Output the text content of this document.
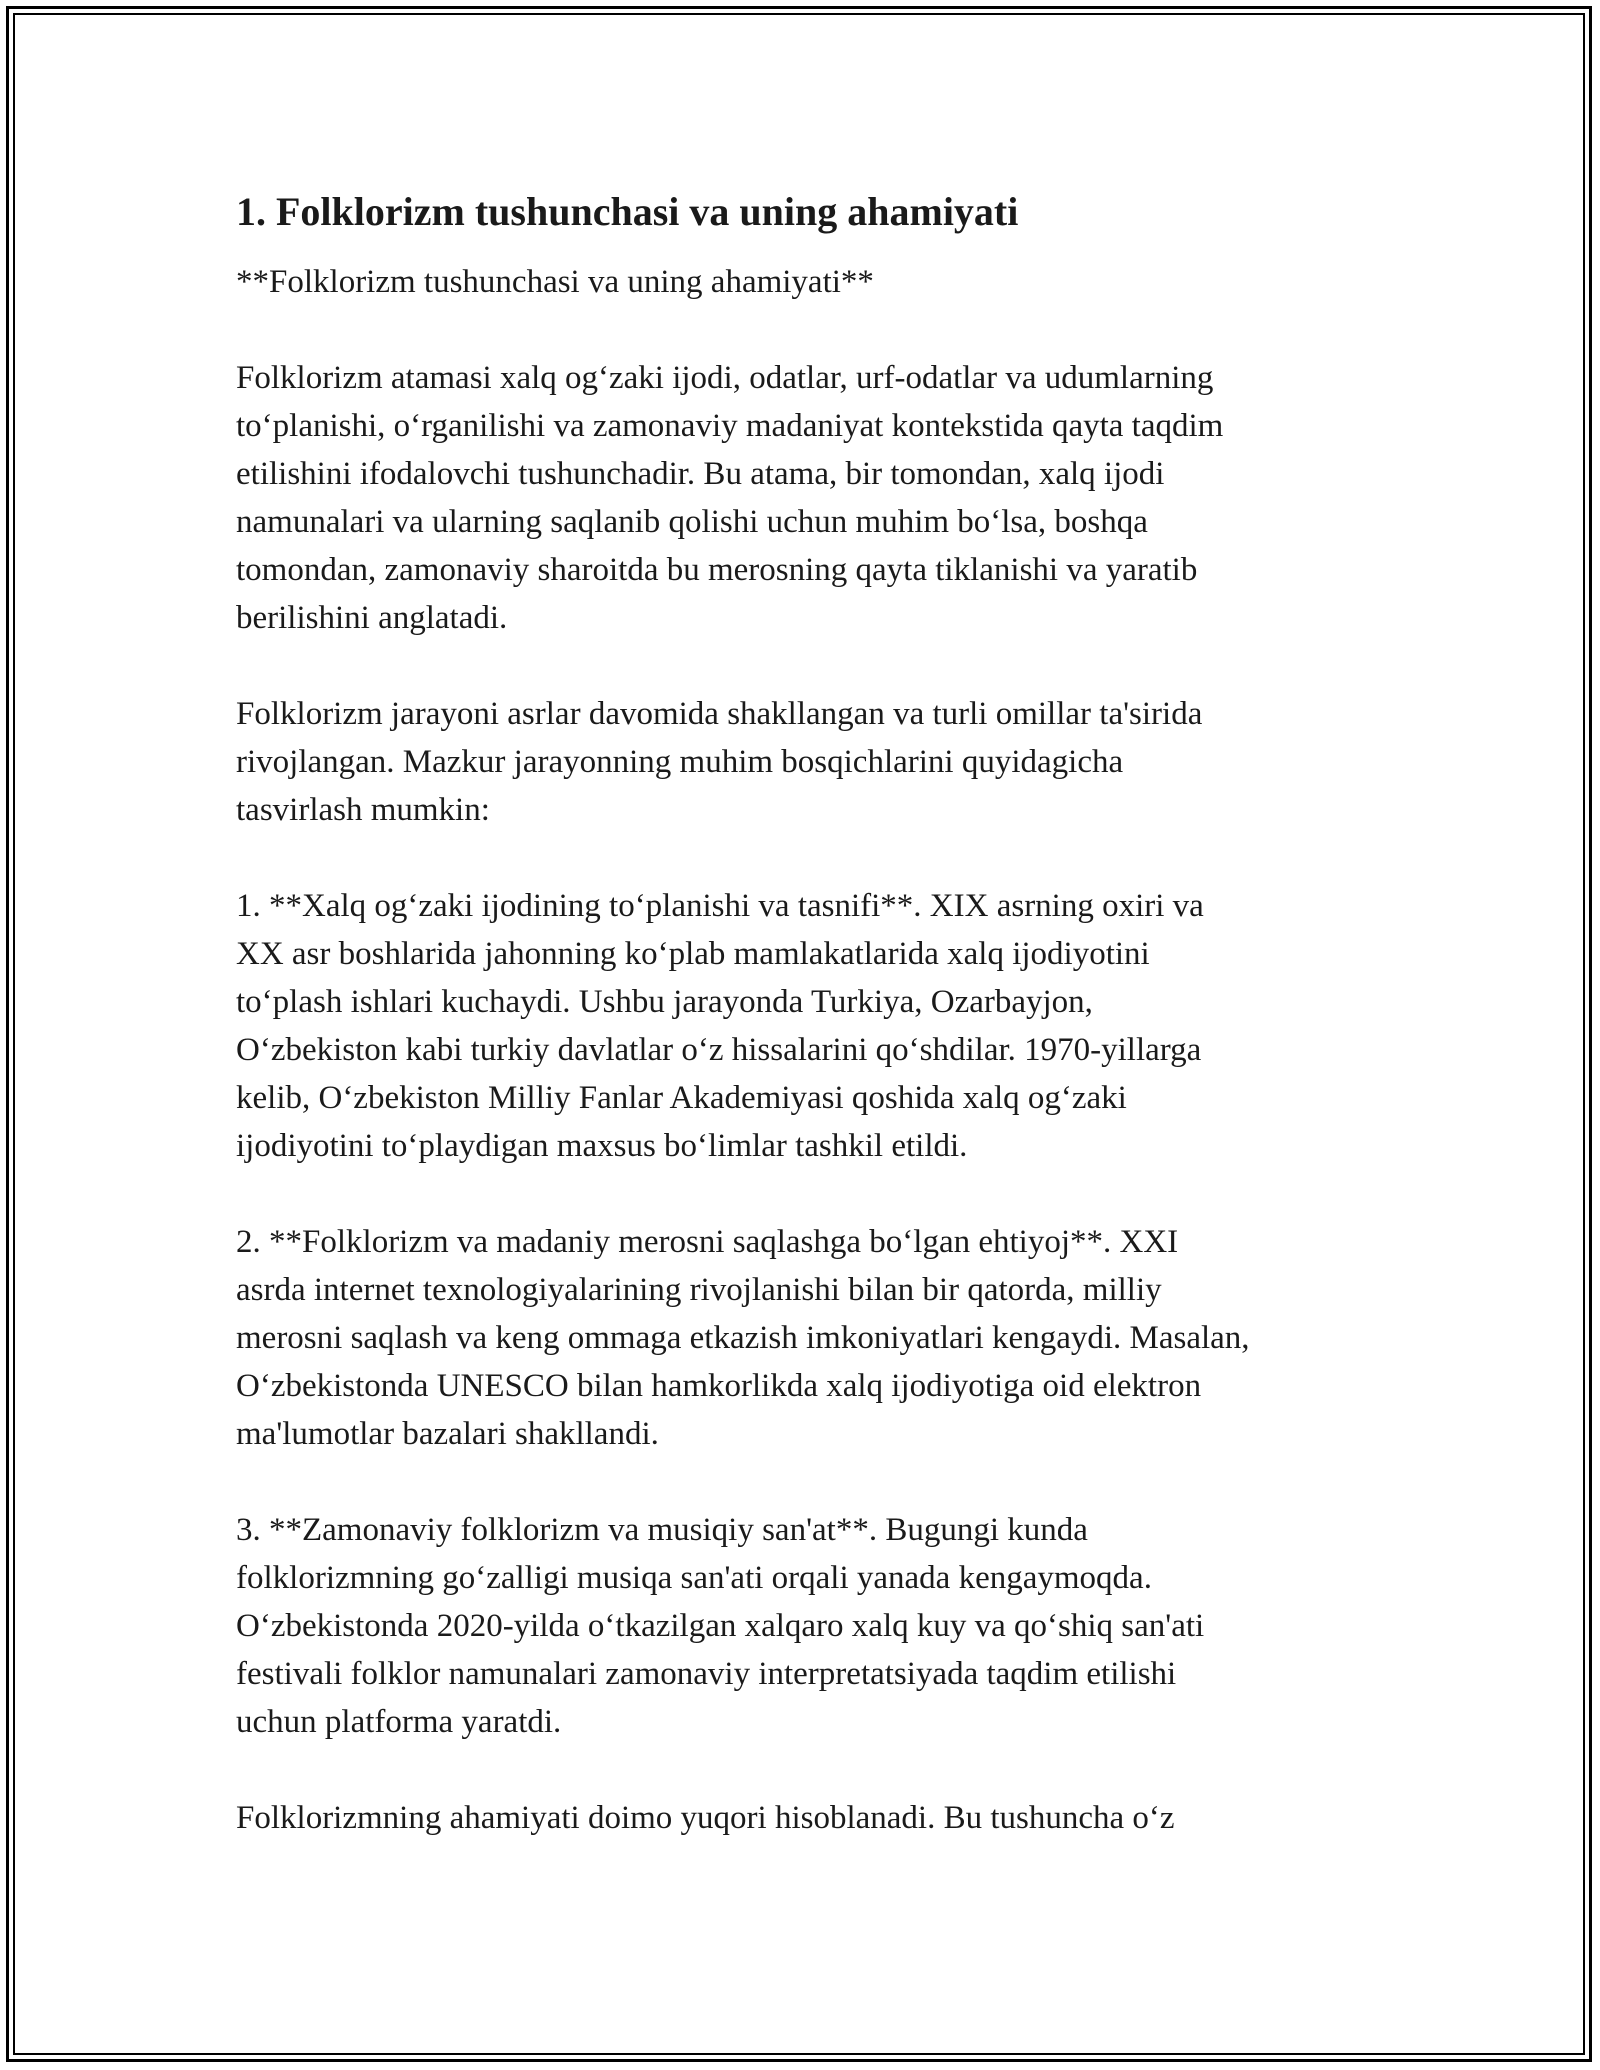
1. Folklorizm tushunchasi va uning ahamiyati

**Folklorizm tushunchasi va uning ahamiyati**

Folklorizm atamasi xalq og‘zaki ijodi, odatlar, urf-odatlar va udumlarning
to‘planishi, o‘rganilishi va zamonaviy madaniyat kontekstida qayta taqdim
etilishini ifodalovchi tushunchadir. Bu atama, bir tomondan, xalq ijodi
namunalari va ularning saqlanib qolishi uchun muhim bo‘lsa, boshqa
tomondan, zamonaviy sharoitda bu merosning qayta tiklanishi va yaratib
berilishini anglatadi.

Folklorizm jarayoni asrlar davomida shakllangan va turli omillar ta'sirida
rivojlangan. Mazkur jarayonning muhim bosqichlarini quyidagicha
tasvirlash mumkin:

1. **Xalq og‘zaki ijodining to‘planishi va tasnifi**. XIX asrning oxiri va
XX asr boshlarida jahonning ko‘plab mamlakatlarida xalq ijodiyotini
to‘plash ishlari kuchaydi. Ushbu jarayonda Turkiya, Ozarbayjon,
O‘zbekiston kabi turkiy davlatlar o‘z hissalarini qo‘shdilar. 1970-yillarga
kelib, O‘zbekiston Milliy Fanlar Akademiyasi qoshida xalq og‘zaki
ijodiyotini to‘playdigan maxsus bo‘limlar tashkil etildi.

2. **Folklorizm va madaniy merosni saqlashga bo‘lgan ehtiyoj**. XXI
asrda internet texnologiyalarining rivojlanishi bilan bir qatorda, milliy
merosni saqlash va keng ommaga etkazish imkoniyatlari kengaydi. Masalan,
O‘zbekistonda UNESCO bilan hamkorlikda xalq ijodiyotiga oid elektron
ma'lumotlar bazalari shakllandi.

3. **Zamonaviy folklorizm va musiqiy san'at**. Bugungi kunda
folklorizmning go‘zalligi musiqa san'ati orqali yanada kengaymoqda.
O‘zbekistonda 2020-yilda o‘tkazilgan xalqaro xalq kuy va qo‘shiq san'ati
festivali folklor namunalari zamonaviy interpretatsiyada taqdim etilishi
uchun platforma yaratdi.

Folklorizmning ahamiyati doimo yuqori hisoblanadi. Bu tushuncha o‘z
